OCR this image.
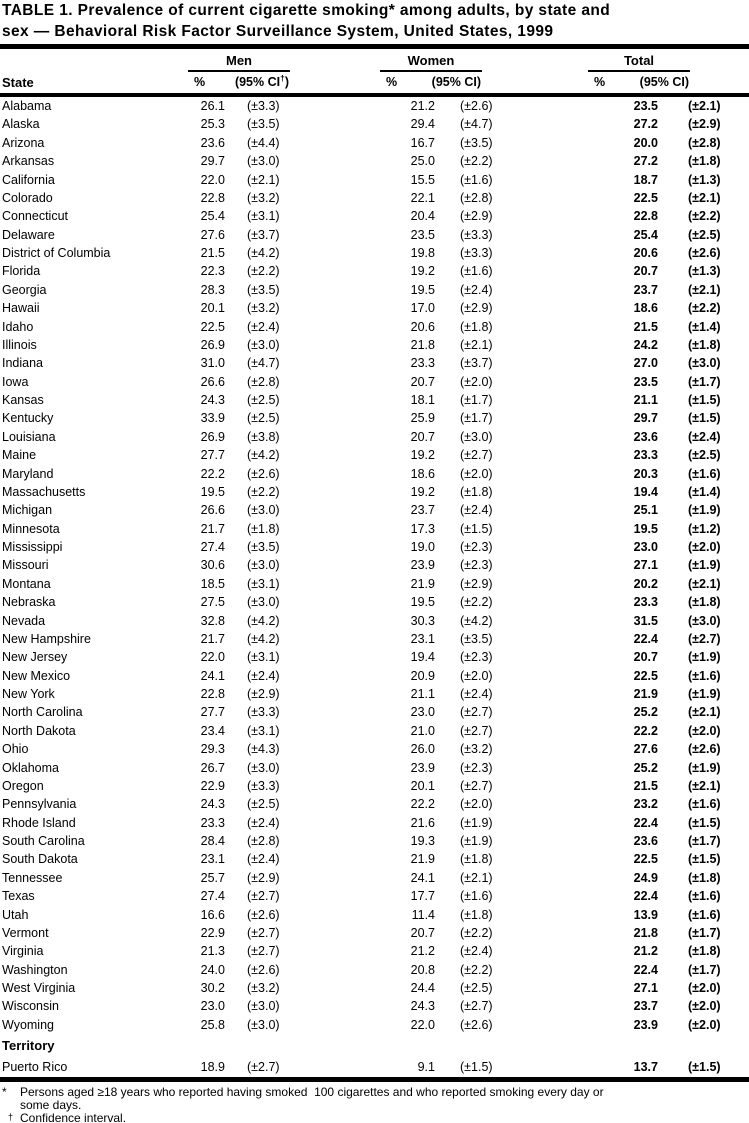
TABLE 1. Prevalence of current cigarette smoking* among adults, by state and
sex — Behavioral Risk Factor Surveillance System, United States, 1999
State
Men
% (95% CI†)
Women
%	(95% CI)
Total
%	(95% CI)
Alabama	26.1	(±3.3)	21.2	(±2.6)	23.5	(±2.1)
Alaska	25.3	(±3.5)	29.4	(±4.7)	27.2	(±2.9)
Arizona	23.6	(±4.4)	16.7	(±3.5)	20.0	(±2.8)
Arkansas	29.7	(±3.0)	25.0	(±2.2)	27.2	(±1.8)
California	22.0	(±2.1)	15.5	(±1.6)	18.7	(±1.3)
Colorado	22.8	(±3.2)	22.1	(±2.8)	22.5	(±2.1)
Connecticut	25.4	(±3.1)	20.4	(±2.9)	22.8	(±2.2)
Delaware	27.6	(±3.7)	23.5	(±3.3)	25.4	(±2.5)
District of Columbia	21.5	(±4.2)	19.8	(±3.3)	20.6	(±2.6)
Florida	22.3	(±2.2)	19.2	(±1.6)	20.7	(±1.3)
Georgia	28.3	(±3.5)	19.5	(±2.4)	23.7	(±2.1)
Hawaii	20.1	(±3.2)	17.0	(±2.9)	18.6	(±2.2)
Idaho	22.5	(±2.4)	20.6	(±1.8)	21.5	(±1.4)
Illinois	26.9	(±3.0)	21.8	(±2.1)	24.2	(±1.8)
Indiana	31.0	(±4.7)	23.3	(±3.7)	27.0	(±3.0)
Iowa	26.6	(±2.8)	20.7	(±2.0)	23.5	(±1.7)
Kansas	24.3	(±2.5)	18.1	(±1.7)	21.1	(±1.5)
Kentucky	33.9	(±2.5)	25.9	(±1.7)	29.7	(±1.5)
Louisiana	26.9	(±3.8)	20.7	(±3.0)	23.6	(±2.4)
Maine	27.7	(±4.2)	19.2	(±2.7)	23.3	(±2.5)
Maryland	22.2	(±2.6)	18.6	(±2.0)	20.3	(±1.6)
Massachusetts	19.5	(±2.2)	19.2	(±1.8)	19.4	(±1.4)
Michigan	26.6	(±3.0)	23.7	(±2.4)	25.1	(±1.9)
Minnesota	21.7	(±1.8)	17.3	(±1.5)	19.5	(±1.2)
Mississippi	27.4	(±3.5)	19.0	(±2.3)	23.0	(±2.0)
Missouri	30.6	(±3.0)	23.9	(±2.3)	27.1	(±1.9)
Montana	18.5	(±3.1)	21.9	(±2.9)	20.2	(±2.1)
Nebraska	27.5	(±3.0)	19.5	(±2.2)	23.3	(±1.8)
Nevada	32.8	(±4.2)	30.3	(±4.2)	31.5	(±3.0)
New Hampshire	21.7	(±4.2)	23.1	(±3.5)	22.4	(±2.7)
New Jersey	22.0	(±3.1)	19.4	(±2.3)	20.7	(±1.9)
New Mexico	24.1	(±2.4)	20.9	(±2.0)	22.5	(±1.6)
New York	22.8	(±2.9)	21.1	(±2.4)	21.9	(±1.9)
North Carolina	27.7	(±3.3)	23.0	(±2.7)	25.2	(±2.1)
North Dakota	23.4	(±3.1)	21.0	(±2.7)	22.2	(±2.0)
Ohio	29.3	(±4.3)	26.0	(±3.2)	27.6	(±2.6)
Oklahoma	26.7	(±3.0)	23.9	(±2.3)	25.2	(±1.9)
Oregon	22.9	(±3.3)	20.1	(±2.7)	21.5	(±2.1)
Pennsylvania	24.3	(±2.5)	22.2	(±2.0)	23.2	(±1.6)
Rhode Island	23.3	(±2.4)	21.6	(±1.9)	22.4	(±1.5)
South Carolina	28.4	(±2.8)	19.3	(±1.9)	23.6	(±1.7)
South Dakota	23.1	(±2.4)	21.9	(±1.8)	22.5	(±1.5)
Tennessee	25.7	(±2.9)	24.1	(±2.1)	24.9	(±1.8)
Texas	27.4	(±2.7)	17.7	(±1.6)	22.4	(±1.6)
Utah	16.6	(±2.6)	11.4	(±1.8)	13.9	(±1.6)
Vermont	22.9	(±2.7)	20.7	(±2.2)	21.8	(±1.7)
Virginia	21.3	(±2.7)	21.2	(±2.4)	21.2	(±1.8)
Washington	24.0	(±2.6)	20.8	(±2.2)	22.4	(±1.7)
West Virginia	30.2	(±3.2)	24.4	(±2.5)	27.1	(±2.0)
Wisconsin	23.0	(±3.0)	24.3	(±2.7)	23.7	(±2.0)
Wyoming	25.8	(±3.0)	22.0	(±2.6)	23.9	(±2.0)
Territory						
Puerto Rico	18.9	(±2.7)	9.1	(±1.5)	13.7	(±1.5)
* Persons aged ≥18 years who reported having smoked  100 cigarettes and who reported smoking every day or
some days.
† Confidence interval.
